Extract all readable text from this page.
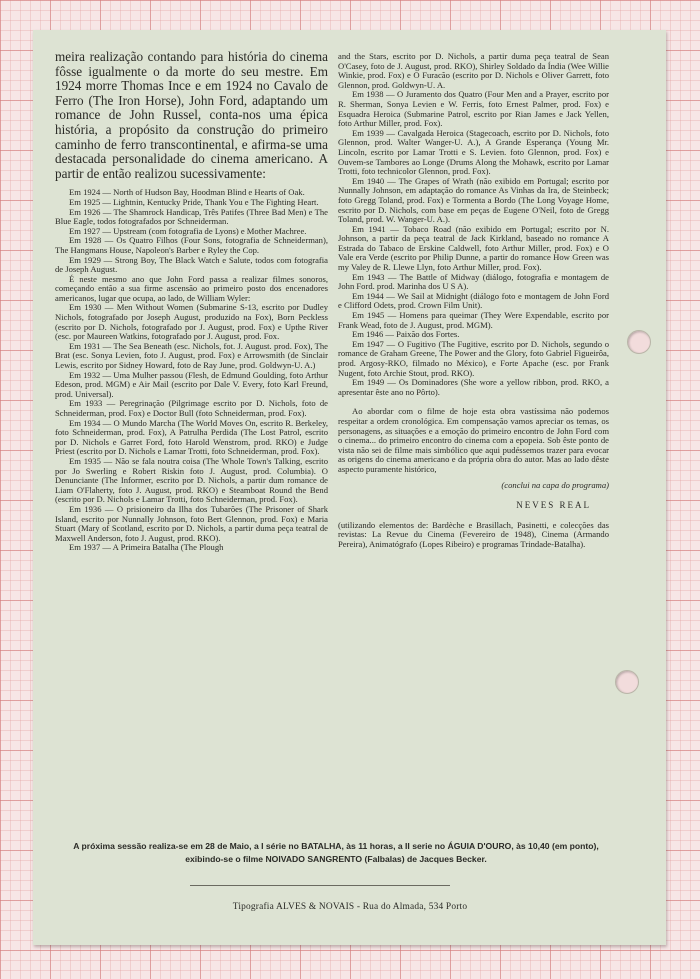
meira realização contando para história do cinema fôsse igualmente o da morte do seu mestre. Em 1924 morre Thomas Ince e em 1924 no Cavalo de Ferro (The Iron Horse), John Ford, adaptando um romance de John Russel, conta-nos uma épica história, a propósito da construção do primeiro caminho de ferro transcontinental, e afirma-se uma destacada personalidade do cinema americano. A partir de então realizou sucessivamente:

Em 1924 — North of Hudson Bay, Hoodman Blind e Hearts of Oak.

Em 1925 — Lightnin, Kentucky Pride, Thank You e The Fighting Heart.

Em 1926 — The Shamrock Handicap, Três Patifes (Three Bad Men) e The Blue Eagle, todos fotografados por Schneiderman.

Em 1927 — Upstream (com fotografia de Lyons) e Mother Machree.

Em 1928 — Os Quatro Filhos (Four Sons, fotografia de Schneiderman), The Hangmans House, Napoleon's Barber e Ryley the Cop.

Em 1929 — Strong Boy, The Black Watch e Salute, todos com fotografia de Joseph August.

É neste mesmo ano que John Ford passa a realizar filmes sonoros, começando então a sua firme ascensão ao primeiro posto dos encenadores americanos, lugar que ocupa, ao lado, de William Wyler:

Em 1930 — Men Without Women (Submarine S-13, escrito por Dudley Nichols, fotografado por Joseph August, produzido na Fox), Born Peckless (escrito por D. Nichols, fotografado por J. August, prod. Fox) e Upthe River (esc. por Maureen Watkins, fotografado por J. August, prod. Fox.

Em 1931 — The Sea Beneath (esc. Nichols, fot. J. August. prod. Fox), The Brat (esc. Sonya Levien, foto J. August, prod. Fox) e Arrowsmith (de Sinclair Lewis, escrito por Sidney Howard, foto de Ray June, prod. Goldwyn-U. A.)

Em 1932 — Uma Mulher passou (Flesh, de Edmund Goulding, foto Arthur Edeson, prod. MGM) e Air Mail (escrito por Dale V. Every, foto Karl Freund, prod. Universal).

Em 1933 — Peregrinação (Pilgrimage escrito por D. Nichols, foto de Schneiderman, prod. Fox) e Doctor Bull (foto Schneiderman, prod. Fox).

Em 1934 — O Mundo Marcha (The World Moves On, escrito R. Berkeley, foto Schneiderman, prod. Fox), A Patrulha Perdida (The Lost Patrol, escrito por D. Nichols e Garret Ford, foto Harold Wenstrom, prod. RKO) e Judge Priest (escrito por D. Nichols e Lamar Trotti, foto Schneiderman, prod. Fox).

Em 1935 — Não se fala noutra coisa (The Whole Town's Talking, escrito por Jo Swerling e Robert Riskin foto J. August, prod. Columbia). O Denunciante (The Informer, escrito por D. Nichols, a partir dum romance de Liam O'Flaherty, foto J. August, prod. RKO) e Steamboat Round the Bend (escrito por D. Nichols e Lamar Trotti, foto Schneiderman, prod. Fox).

Em 1936 — O prisioneiro da Ilha dos Tubarões (The Prisoner of Shark Island, escrito por Nunnally Johnson, foto Bert Glennon, prod. Fox) e Maria Stuart (Mary of Scotland, escrito por D. Nichols, a partir duma peça teatral de Maxwell Anderson, foto J. August, prod. RKO).

Em 1937 — A Primeira Batalha (The Plough

and the Stars, escrito por D. Nichols, a partir duma peça teatral de Sean O'Casey, foto de J. August, prod. RKO), Shirley Soldado da Índia (Wee Willie Winkie, prod. Fox) e O Furacão (escrito por D. Nichols e Oliver Garrett, foto Glennon, prod. Goldwyn-U. A.

Em 1938 — O Juramento dos Quatro (Four Men and a Prayer, escrito por R. Sherman, Sonya Levien e W. Ferris, foto Ernest Palmer, prod. Fox) e Esquadra Heroica (Submarine Patrol, escrito por Rian James e Jack Yellen, foto Arthur Miller, prod. Fox).

Em 1939 — Cavalgada Heroica (Stagecoach, escrito por D. Nichols, foto Glennon, prod. Walter Wanger-U. A.), A Grande Esperança (Young Mr. Lincoln, escrito por Lamar Trotti e S. Levien. foto Glennon, prod. Fox) e Ouvem-se Tambores ao Longe (Drums Along the Mohawk, escrito por Lamar Trotti, foto technicolor Glennon, prod. Fox).

Em 1940 — The Grapes of Wrath (não exibido em Portugal; escrito por Nunnally Johnson, em adaptação do romance As Vinhas da Ira, de Steinbeck; foto Gregg Toland, prod. Fox) e Tormenta a Bordo (The Long Voyage Home, escrito por D. Nichols, com base em peças de Eugene O'Neil, foto de Gregg Toland, prod. W. Wanger-U. A.).

Em 1941 — Tobaco Road (não exibido em Portugal; escrito por N. Johnson, a partir da peça teatral de Jack Kirkland, baseado no romance A Estrada do Tabaco de Erskine Caldwell, foto Arthur Miller, prod. Fox) e O Vale era Verde (escrito por Philip Dunne, a partir do romance How Green was my Valey de R. Llewe Llyn, foto Arthur Miller, prod. Fox).

Em 1943 — The Battle of Midway (diálogo, fotografia e montagem de John Ford. prod. Marinha dos U S A).

Em 1944 — We Sail at Midnight (diálogo foto e montagem de John Ford e Clifford Odets, prod. Crown Film Unit).

Em 1945 — Homens para queimar (They Were Expendable, escrito por Frank Wead, foto de J. August, prod. MGM).

Em 1946 — Paixão dos Fortes.

Em 1947 — O Fugitivo (The Fugitive, escrito por D. Nichols, segundo o romance de Graham Greene, The Power and the Glory, foto Gabriel Figueirôa, prod. Argosy-RKO, filmado no México), e Forte Apache (esc. por Frank Nugent, foto Archie Stout, prod. RKO).

Em 1949 — Os Dominadores (She wore a yellow ribbon, prod. RKO, a apresentar êste ano no Pôrto).

Ao abordar com o filme de hoje esta obra vastíssima não podemos respeitar a ordem cronológica. Em compensação vamos apreciar os temas, os personagens, as situações e a emoção do primeiro encontro de John Ford com o cinema... do primeiro encontro do cinema com a epopeia. Sob êste ponto de vista não sei de filme mais simbólico que aqui pudéssemos trazer para evocar as origens do cinema americano e da própria obra do autor. Mas ao lado dêste aspecto puramente histórico,

(conclui na capa do programa)

NEVES REAL

(utilizando elementos de: Bardèche e Brasillach, Pasinetti, e colecções das revistas: La Revue du Cinema (Fevereiro de 1948), Cinema (Armando Pereira), Animatógrafo (Lopes Ribeiro) e programas Trindade-Batalha).

A próxima sessão realiza-se em 28 de Maio, a I série no BATALHA, às 11 horas, a II serie no ÁGUIA D'OURO, às 10,40 (em ponto), exibindo-se o filme NOIVADO SANGRENTO (Falbalas) de Jacques Becker.
Tipografia ALVES & NOVAIS - Rua do Almada, 534 Porto
